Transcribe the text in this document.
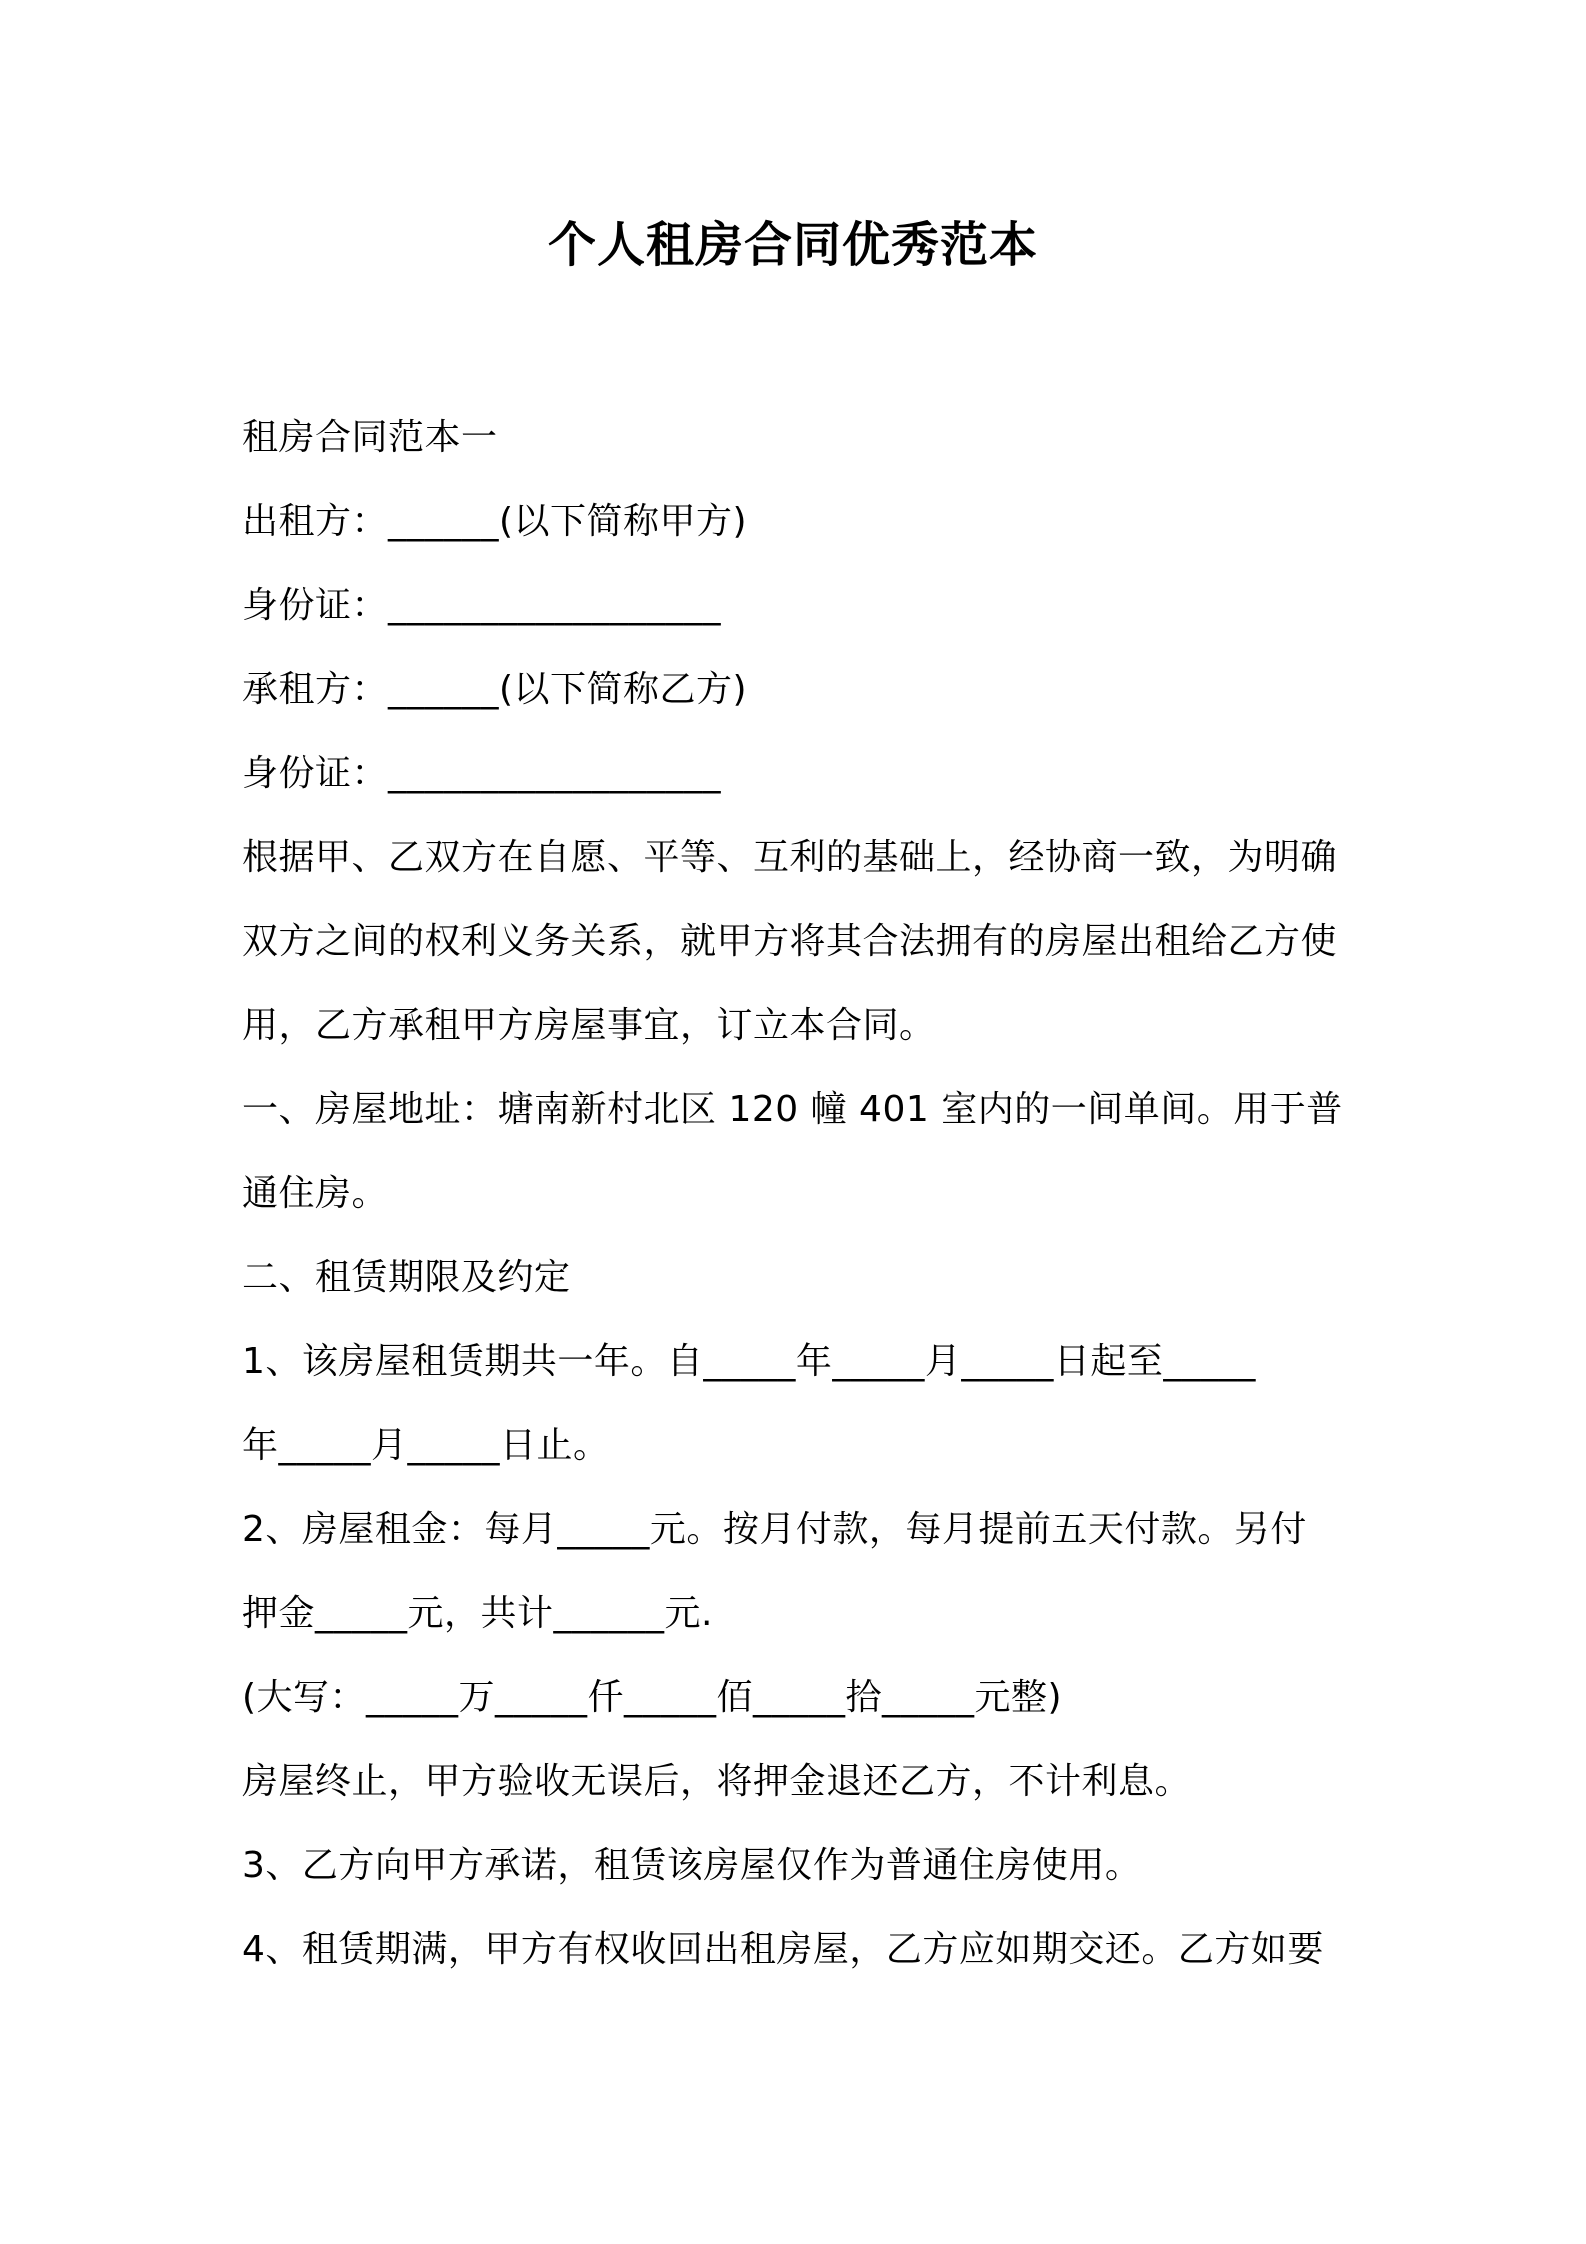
个人租房合同优秀范本
租房合同范本一
出租方：______(以下简称甲方)
身份证：__________________
承租方：______(以下简称乙方)
身份证：__________________
根据甲、乙双方在自愿、平等、互利的基础上，经协商一致，为明确
双方之间的权利义务关系，就甲方将其合法拥有的房屋出租给乙方使
用，乙方承租甲方房屋事宜，订立本合同。
一、房屋地址：塘南新村北区 120 幢 401 室内的一间单间。用于普
通住房。
二、租赁期限及约定
1、该房屋租赁期共一年。自_____年_____月_____日起至_____
年_____月_____日止。
2、房屋租金：每月_____元。按月付款，每月提前五天付款。另付
押金_____元，共计______元.
(大写：_____万_____仟_____佰_____拾_____元整)
房屋终止，甲方验收无误后，将押金退还乙方，不计利息。
3、乙方向甲方承诺，租赁该房屋仅作为普通住房使用。
4、租赁期满，甲方有权收回出租房屋，乙方应如期交还。乙方如要
